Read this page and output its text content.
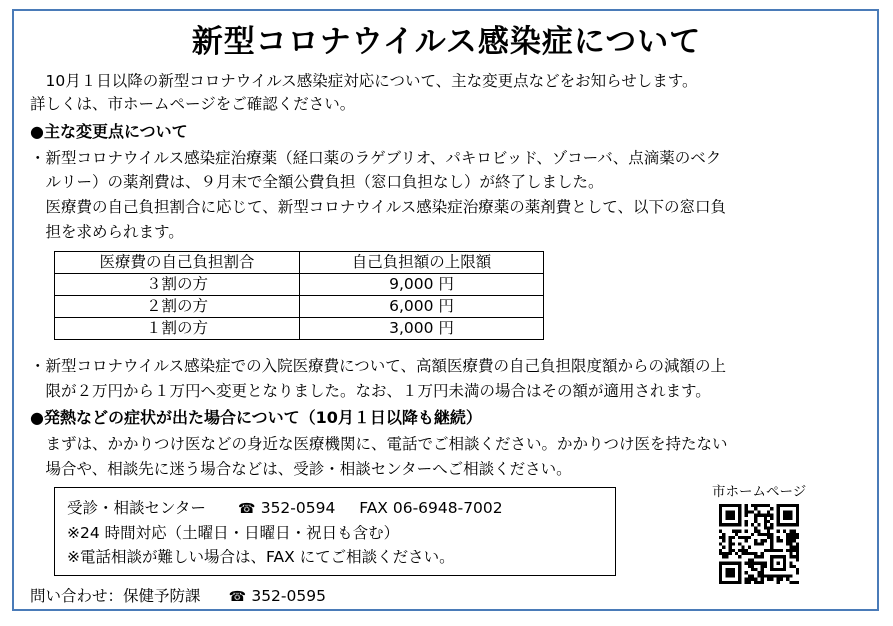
新型コロナウイルス感染症について
　10月１日以降の新型コロナウイルス感染症対応について、主な変更点などをお知らせします。
詳しくは、市ホームページをご確認ください。
●主な変更点について
・新型コロナウイルス感染症治療薬（経口薬のラゲブリオ、パキロビッド、ゾコーバ、点滴薬のベク
　ルリー）の薬剤費は、９月末で全額公費負担（窓口負担なし）が終了しました。
　医療費の自己負担割合に応じて、新型コロナウイルス感染症治療薬の薬剤費として、以下の窓口負
　担を求められます。
医療費の自己負担割合	自己負担額の上限額
３割の方	9,000 円
２割の方	6,000 円
１割の方	3,000 円
・新型コロナウイルス感染症での入院医療費について、高額医療費の自己負担限度額からの減額の上
　限が２万円から１万円へ変更となりました。なお、１万円未満の場合はその額が適用されます。
●発熱などの症状が出た場合について（10月１日以降も継続）
　まずは、かかりつけ医などの身近な医療機関に、電話でご相談ください。かかりつけ医を持たない
　場合や、相談先に迷う場合などは、受診・相談センターへご相談ください。
受診・相談センター ☎ 352-0594 FAX 06-6948-7002
※24 時間対応（土曜日・日曜日・祝日も含む）
※電話相談が難しい場合は、FAX にてご相談ください。
市ホームページ
問い合わせ：保健予防課 ☎ 352-0595
